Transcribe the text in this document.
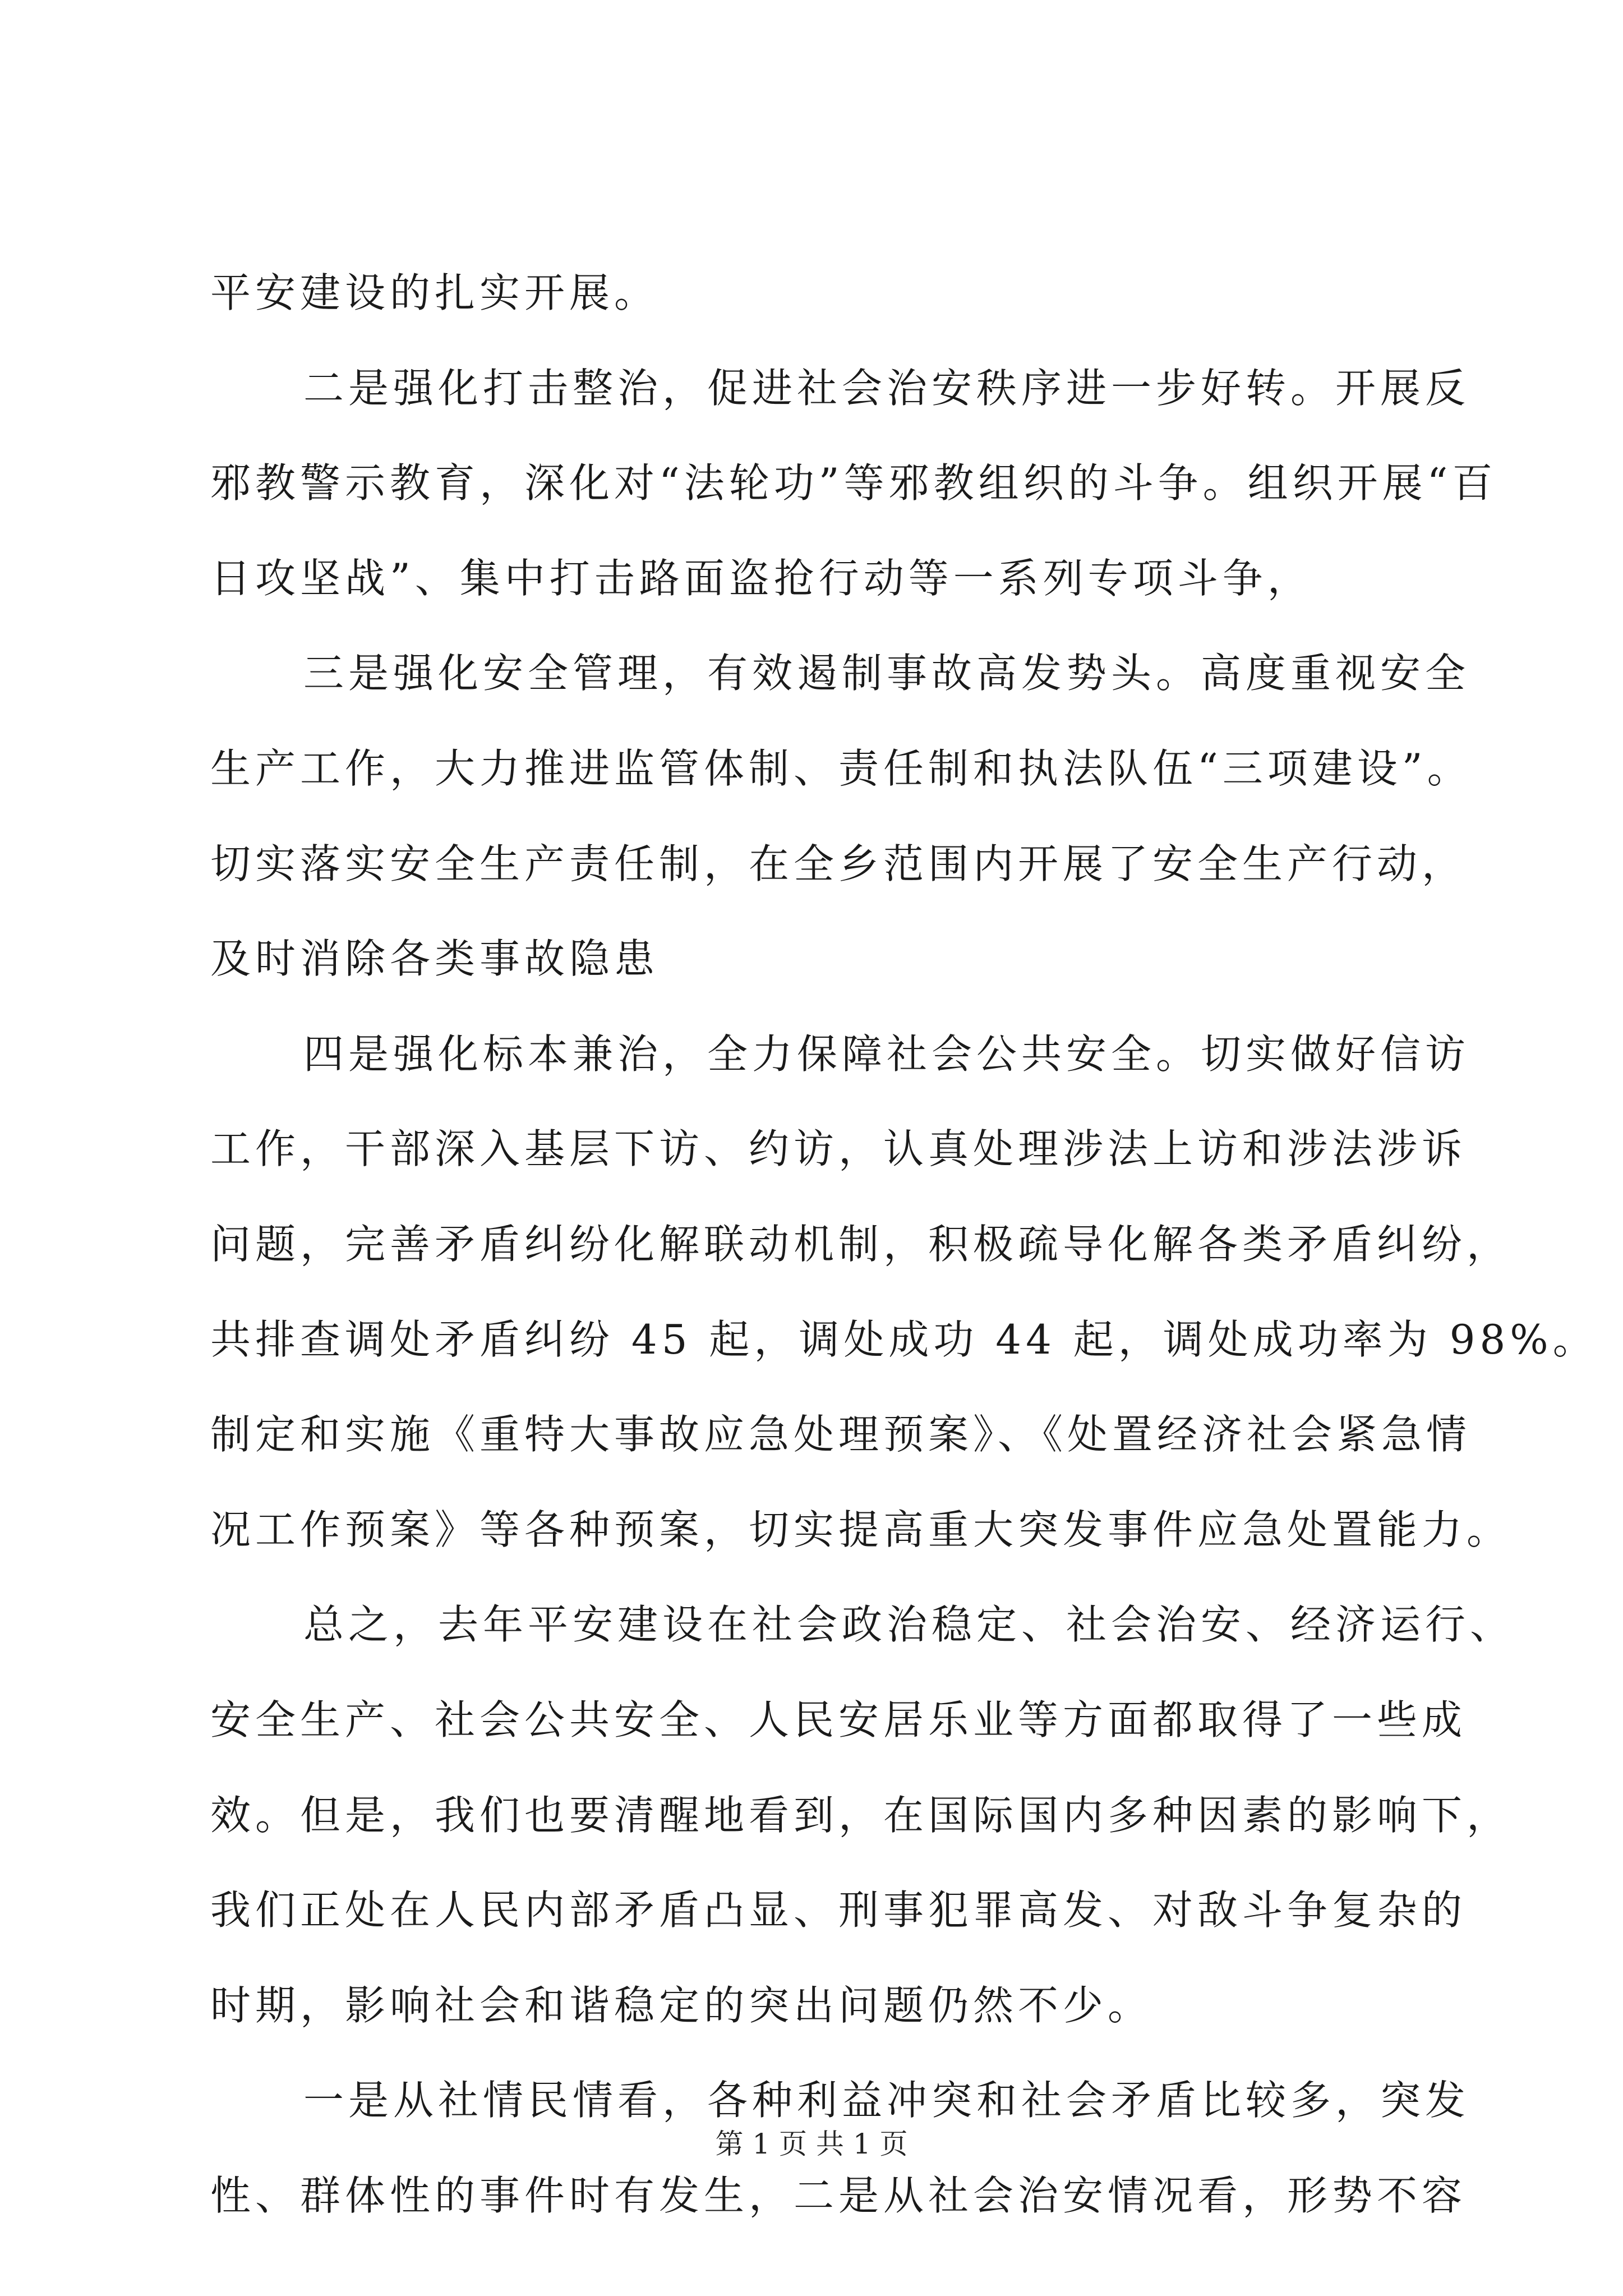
平安建设的扎实开展。
二是强化打击整治，促进社会治安秩序进一步好转。开展反
邪教警示教育，深化对“法轮功”等邪教组织的斗争。组织开展“百
日攻坚战”、集中打击路面盗抢行动等一系列专项斗争，
三是强化安全管理，有效遏制事故高发势头。高度重视安全
生产工作，大力推进监管体制、责任制和执法队伍“三项建设”。
切实落实安全生产责任制，在全乡范围内开展了安全生产行动，
及时消除各类事故隐患
四是强化标本兼治，全力保障社会公共安全。切实做好信访
工作，干部深入基层下访、约访，认真处理涉法上访和涉法涉诉
问题，完善矛盾纠纷化解联动机制，积极疏导化解各类矛盾纠纷，
共排查调处矛盾纠纷 45 起，调处成功 44 起，调处成功率为 98%。
制定和实施《重特大事故应急处理预案》、《处置经济社会紧急情
况工作预案》等各种预案，切实提高重大突发事件应急处置能力。
总之，去年平安建设在社会政治稳定、社会治安、经济运行、
安全生产、社会公共安全、人民安居乐业等方面都取得了一些成
效。但是，我们也要清醒地看到，在国际国内多种因素的影响下，
我们正处在人民内部矛盾凸显、刑事犯罪高发、对敌斗争复杂的
时期，影响社会和谐稳定的突出问题仍然不少。
一是从社情民情看，各种利益冲突和社会矛盾比较多，突发
性、群体性的事件时有发生，二是从社会治安情况看，形势不容
第 1 页 共 1 页
